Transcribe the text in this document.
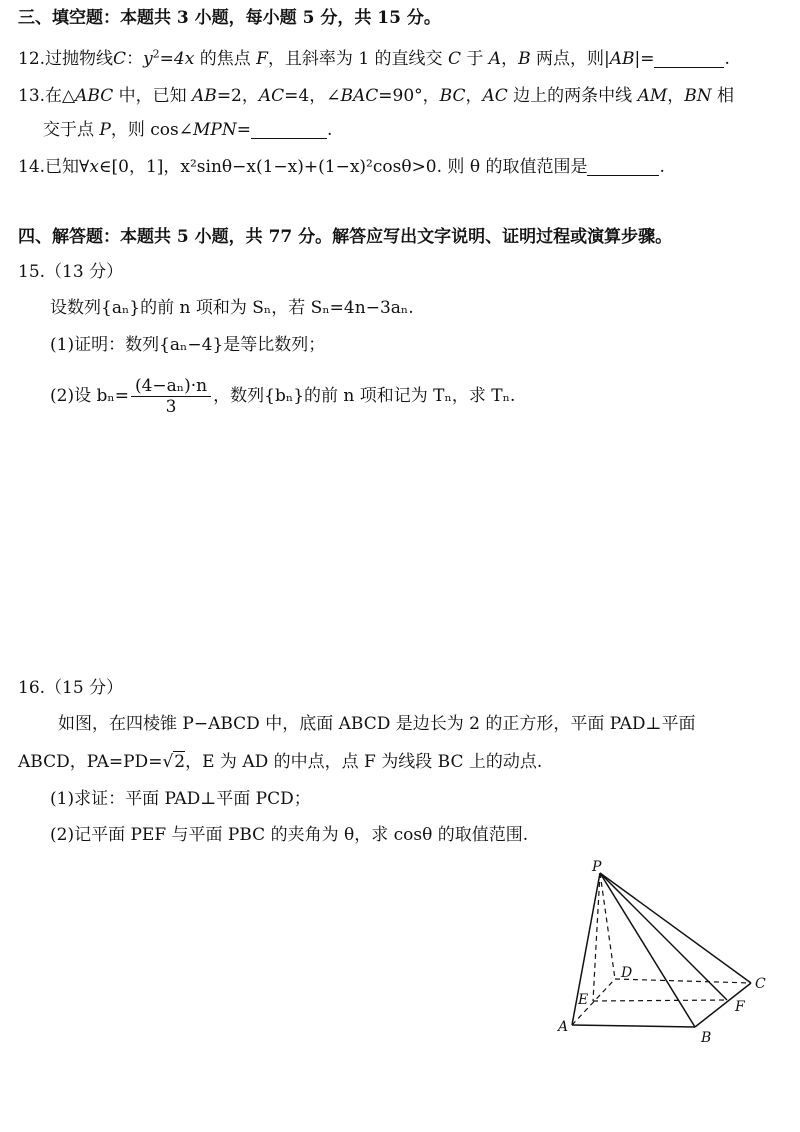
三、填空题：本题共 3 小题，每小题 5 分，共 15 分。
12.过抛物线C：$y^2=4x$ 的焦点 F，且斜率为 1 的直线交 C 于 A，B 两点，则|AB|=	.
13.在△ABC 中，已知 AB=2，AC=4，∠BAC=90°，BC，AC 边上的两条中线 AM，BN 相
交于点 P，则 cos∠MPN=	.
14.已知∀x∈[0，1]，x²sinθ−x(1−x)+(1−x)²cosθ>0. 则 θ 的取值范围是	.
四、解答题：本题共 5 小题，共 77 分。解答应写出文字说明、证明过程或演算步骤。
15.（13 分）
设数列{aₙ}的前 n 项和为 Sₙ，若 Sₙ=4n−3aₙ.
(1)证明：数列{aₙ−4}是等比数列；
(2)设 $b_n= \frac{\text{(4−aₙ)·n}}{3}$ ，数列{bₙ}的前 n 项和记为 Tₙ，求 Tₙ.
16.（15 分）
如图，在四棱锥 P−ABCD 中，底面 ABCD 是边长为 2 的正方形，平面 PAD⊥平面
ABCD，PA=PD=√2，E 为 AD 的中点，点 F 为线段 BC 上的动点.
(1)求证：平面 PAD⊥平面 PCD；
(2)记平面 PEF 与平面 PBC 的夹角为 θ，求 cosθ 的取值范围.
P
D
E
A
B
C
F
